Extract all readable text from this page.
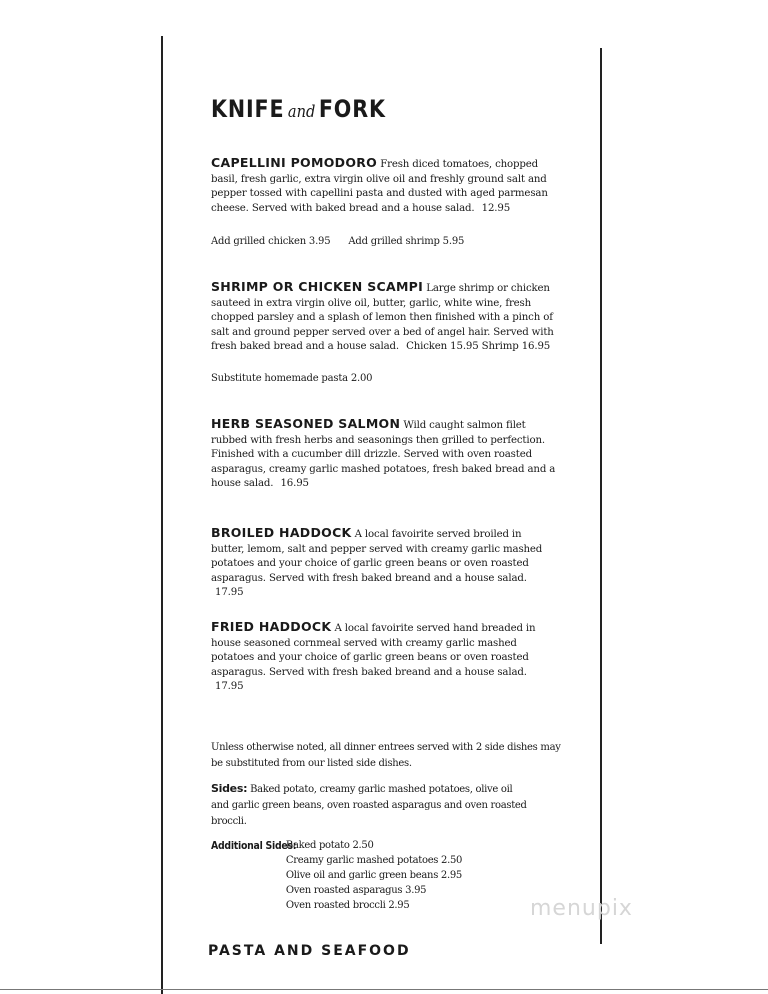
KNIFE and FORK
CAPELLINI POMODORO Fresh diced tomatoes, chopped basil, fresh garlic, extra virgin olive oil and freshly ground salt and pepper tossed with capellini pasta and dusted with aged parmesan cheese. Served with baked bread and a house salad. 12.95
Add grilled chicken 3.95 Add grilled shrimp 5.95
SHRIMP OR CHICKEN SCAMPI Large shrimp or chicken sauteed in extra virgin olive oil, butter, garlic, white wine, fresh chopped parsley and a splash of lemon then finished with a pinch of salt and ground pepper served over a bed of angel hair. Served with fresh baked bread and a house salad. Chicken 15.95 Shrimp 16.95
Substitute homemade pasta 2.00
HERB SEASONED SALMON Wild caught salmon filet rubbed with fresh herbs and seasonings then grilled to perfection. Finished with a cucumber dill drizzle. Served with oven roasted asparagus, creamy garlic mashed potatoes, fresh baked bread and a house salad. 16.95
BROILED HADDOCK A local favoirite served broiled in butter, lemom, salt and pepper served with creamy garlic mashed potatoes and your choice of garlic green beans or oven roasted asparagus. Served with fresh baked breand and a house salad. 17.95
FRIED HADDOCK A local favoirite served hand breaded in house seasoned cornmeal served with creamy garlic mashed potatoes and your choice of garlic green beans or oven roasted asparagus. Served with fresh baked breand and a house salad. 17.95
Unless otherwise noted, all dinner entrees served with 2 side dishes may be substituted from our listed side dishes.
Sides: Baked potato, creamy garlic mashed potatoes, olive oil and garlic green beans, oven roasted asparagus and oven roasted broccli.
Additional Sides:
Baked potato 2.50
Creamy garlic mashed potatoes 2.50
Olive oil and garlic green beans 2.95
Oven roasted asparagus 3.95
Oven roasted broccli 2.95
PASTA AND SEAFOOD
menupix
